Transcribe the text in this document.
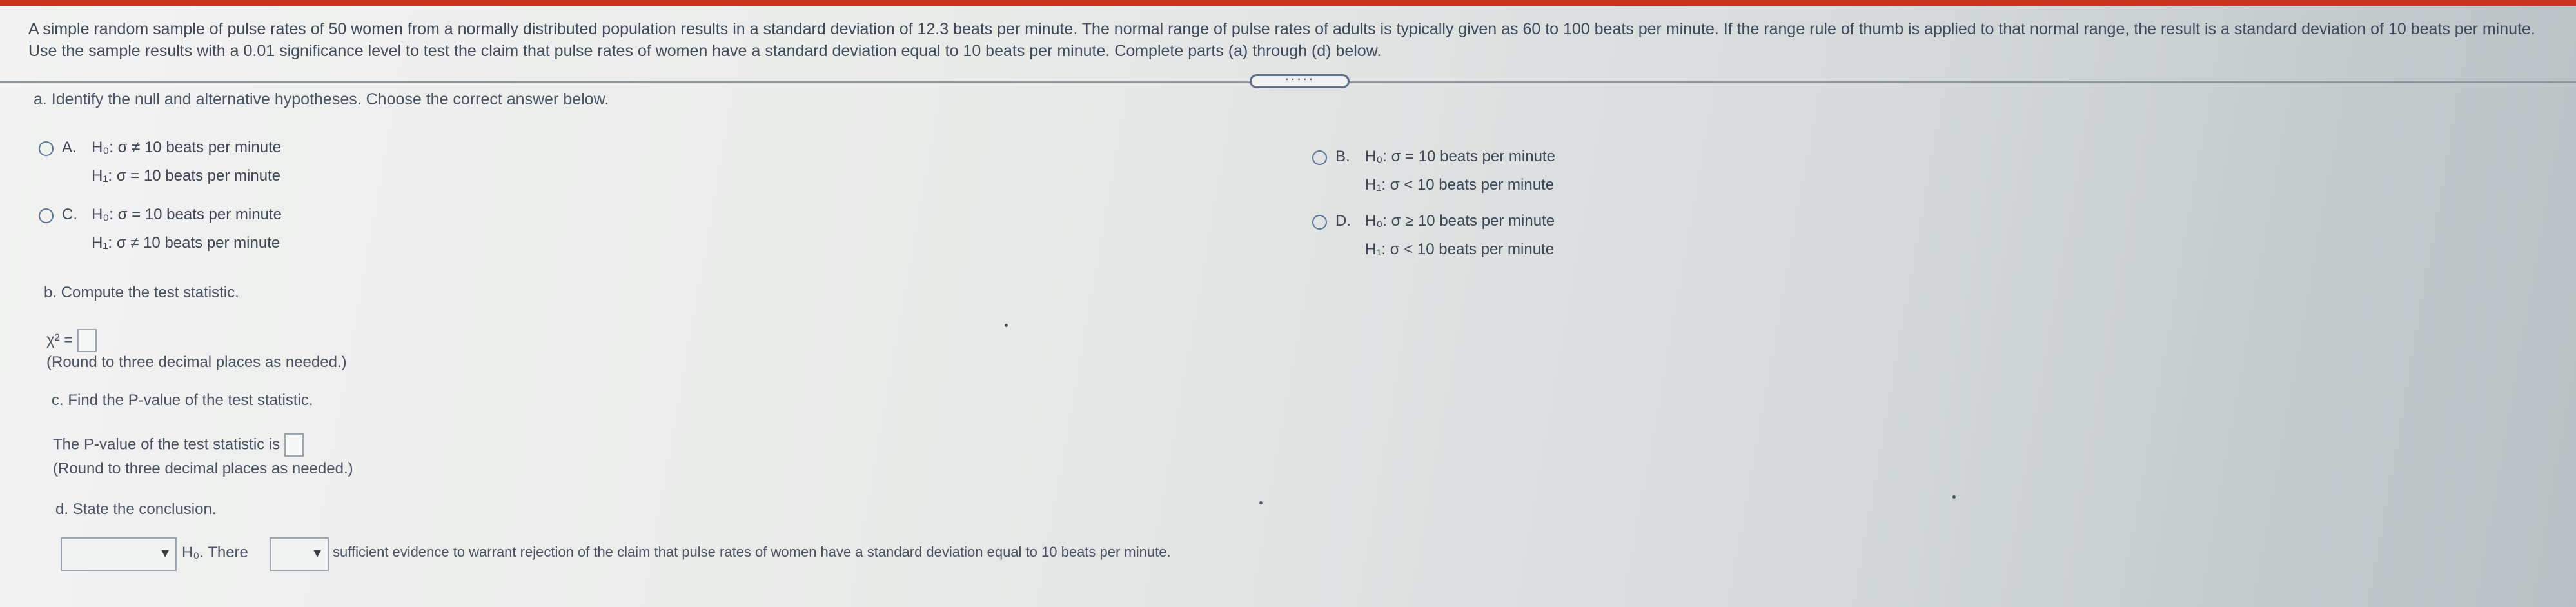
A simple random sample of pulse rates of 50 women from a normally distributed population results in a standard deviation of 12.3 beats per minute. The normal range of pulse rates of adults is typically given as 60 to 100 beats per minute. If the range rule of thumb is applied to that normal range, the result is a standard deviation of 10 beats per minute. Use the sample results with a 0.01 significance level to test the claim that pulse rates of women have a standard deviation equal to 10 beats per minute. Complete parts (a) through (d) below.
·····
a. Identify the null and alternative hypotheses. Choose the correct answer below.
A. H₀: σ ≠ 10 beats per minute
H₁: σ = 10 beats per minute
B. H₀: σ = 10 beats per minute
H₁: σ < 10 beats per minute
C. H₀: σ = 10 beats per minute
H₁: σ ≠ 10 beats per minute
D. H₀: σ ≥ 10 beats per minute
H₁: σ < 10 beats per minute
b. Compute the test statistic.
χ² =
(Round to three decimal places as needed.)
c. Find the P-value of the test statistic.
The P-value of the test statistic is
(Round to three decimal places as needed.)
d. State the conclusion.
▼ H₀. There	▼ sufficient evidence to warrant rejection of the claim that pulse rates of women have a standard deviation equal to 10 beats per minute.
